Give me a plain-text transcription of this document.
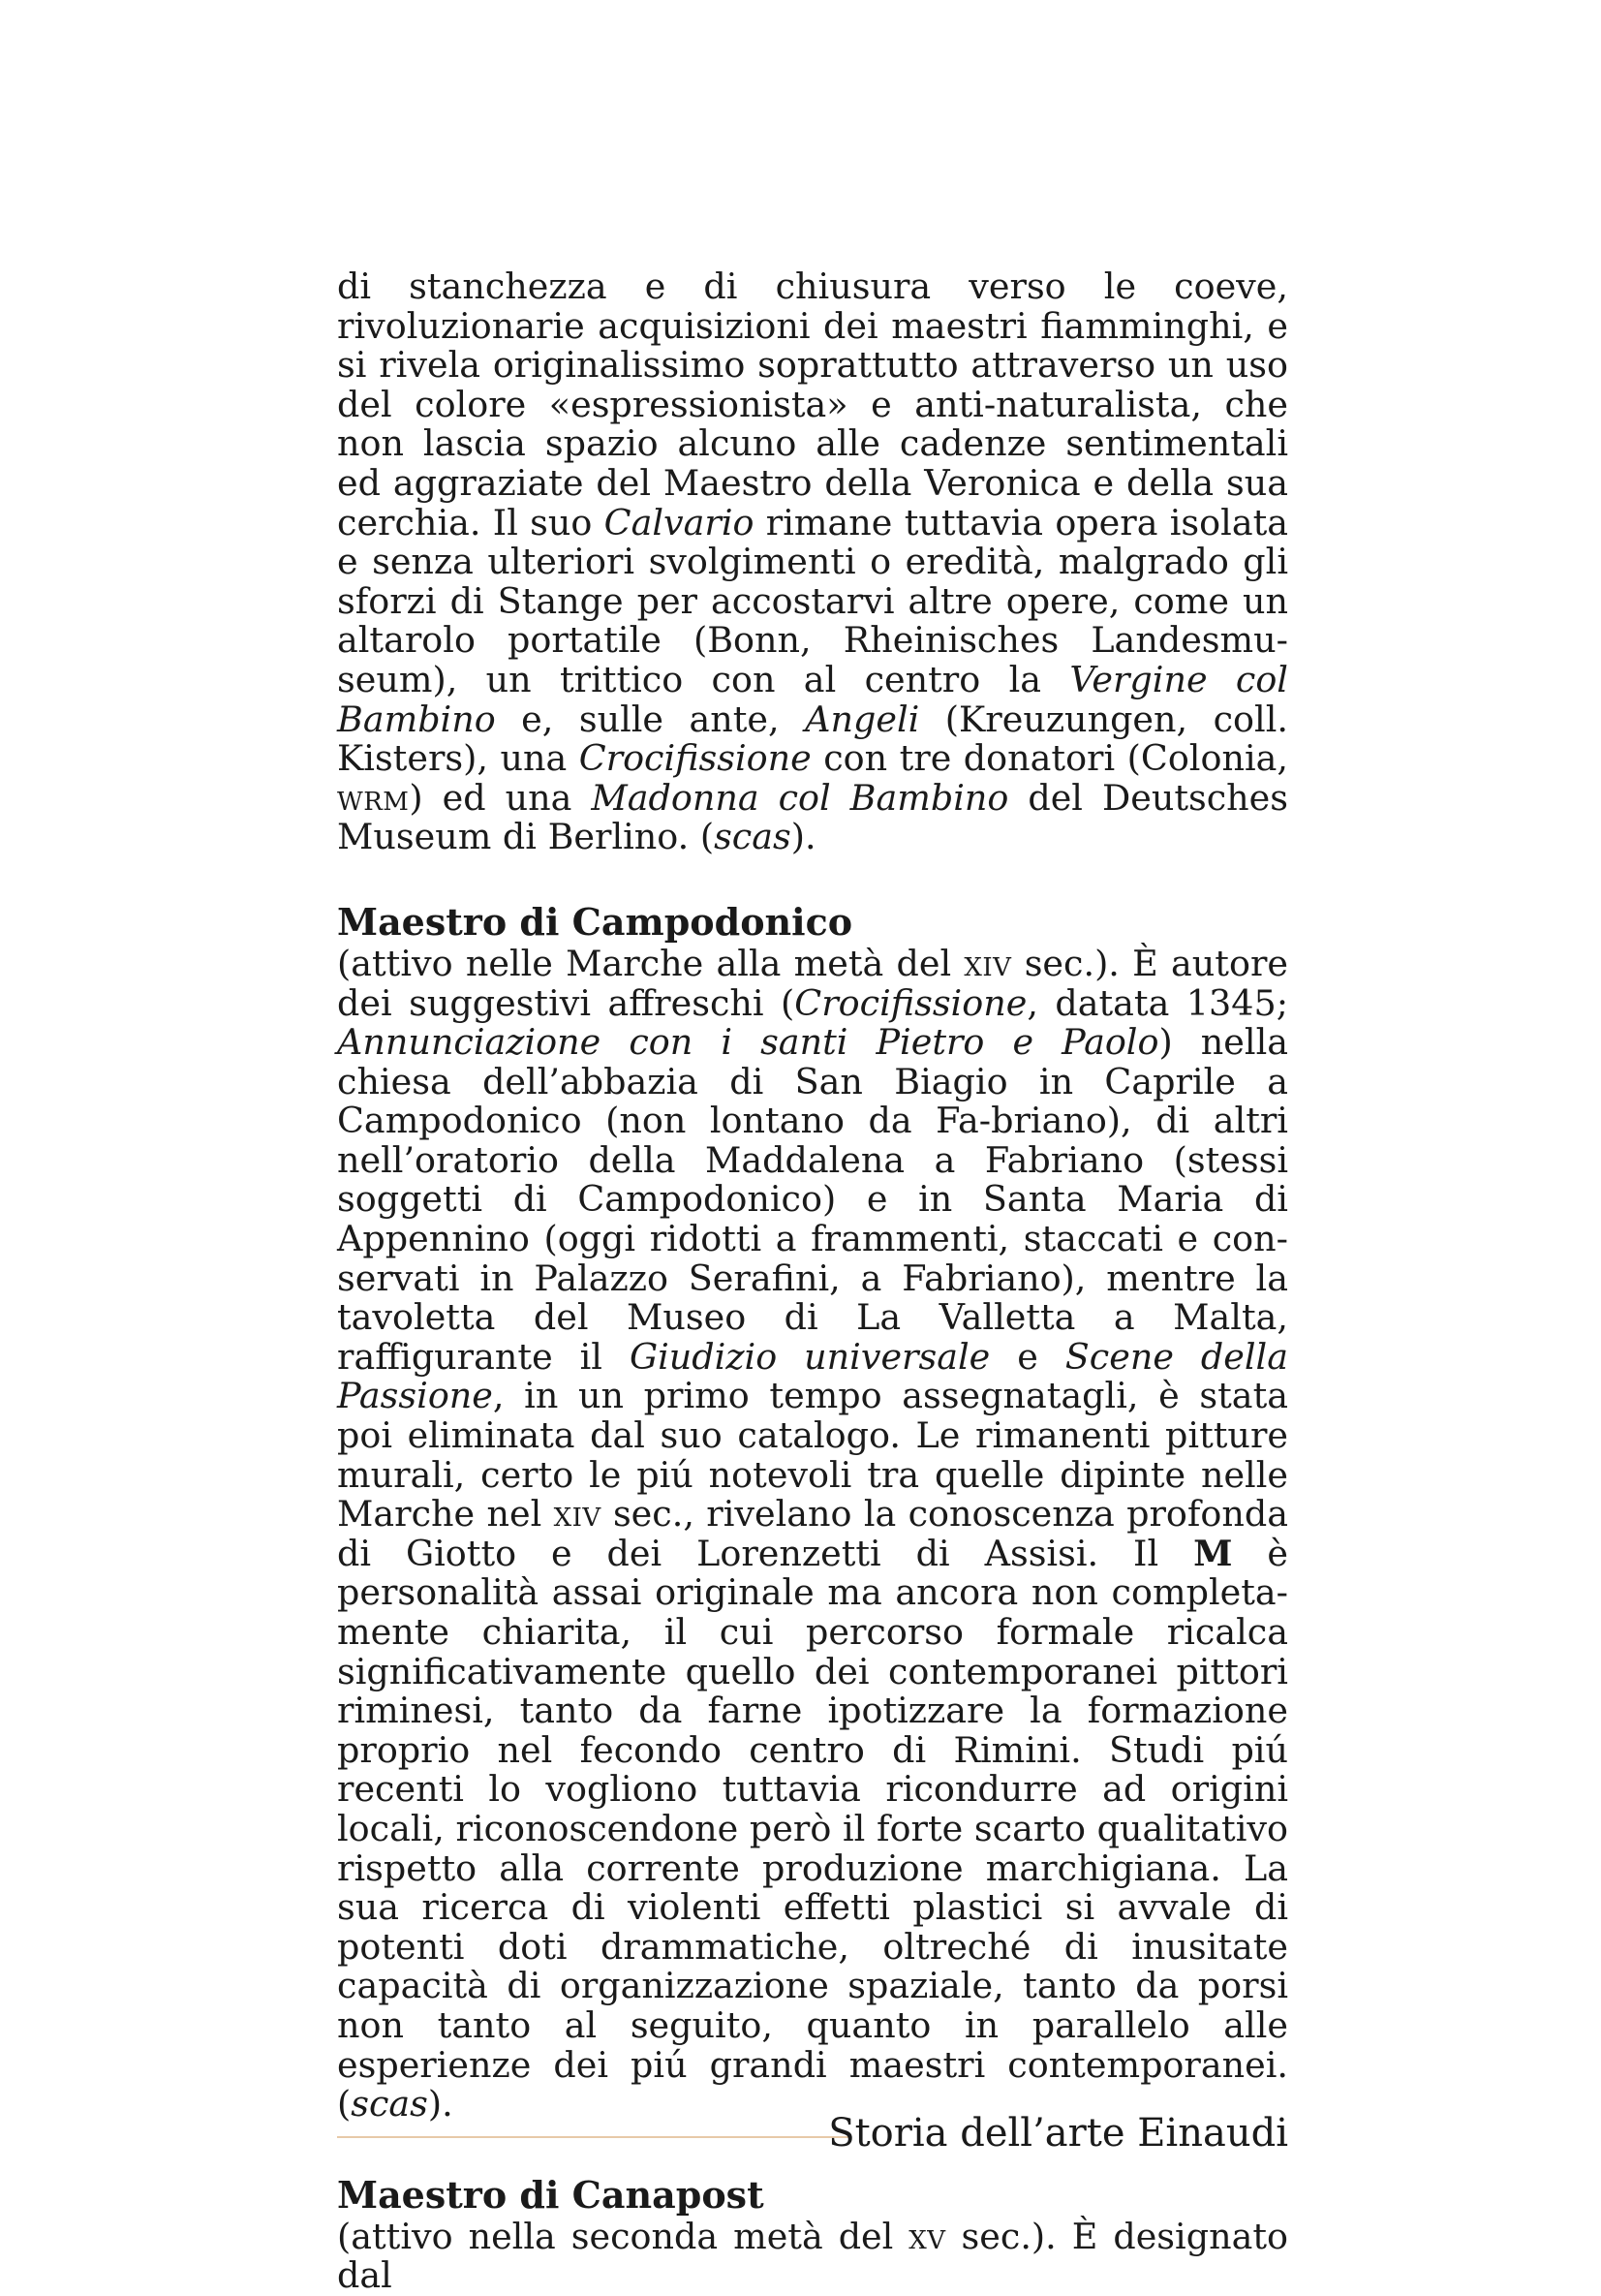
di stanchezza e di chiusura verso le coeve, rivoluzionarie acquisizioni dei maestri fiamminghi, e si rivela originalissimo soprattutto attraverso un uso del colore «espressionista» e anti-naturalista, che non lascia spazio alcuno alle cadenze sentimentali ed aggraziate del Maestro della Veronica e della sua cerchia. Il suo Calvario rimane tuttavia opera isolata e senza ulteriori svolgimenti o eredità, malgrado gli sforzi di Stange per accostarvi altre opere, come un altarolo portatile (Bonn, Rheinisches Landesmuseum), un trittico con al centro la Vergine col Bambino e, sulle ante, Angeli (Kreuzungen, coll. Kisters), una Crocifissione con tre donatori (Colonia, wrm) ed una Madonna col Bambino del Deutsches Museum di Berlino. (scas).

Maestro di Campodonico

(attivo nelle Marche alla metà del xiv sec.). È autore dei suggestivi affreschi (Crocifissione, datata 1345; Annunciazione con i santi Pietro e Paolo) nella chiesa dell’abbazia di San Biagio in Caprile a Campodonico (non lontano da Fa-briano), di altri nell’oratorio della Maddalena a Fabriano (stessi soggetti di Campodonico) e in Santa Maria di Appennino (oggi ridotti a frammenti, staccati e conservati in Palazzo Serafini, a Fabriano), mentre la tavoletta del Museo di La Valletta a Malta, raffigurante il Giudizio universale e Scene della Passione, in un primo tempo assegnatagli, è stata poi eliminata dal suo catalogo. Le rimanenti pitture murali, certo le piú notevoli tra quelle dipinte nelle Marche nel xiv sec., rivelano la conoscenza profonda di Giotto e dei Lorenzetti di Assisi. Il M è personalità assai originale ma ancora non completamente chiarita, il cui percorso formale ricalca significativamente quello dei contemporanei pittori riminesi, tanto da farne ipotizzare la formazione proprio nel fecondo centro di Rimini. Studi piú recenti lo vogliono tuttavia ricondurre ad origini locali, riconoscendone però il forte scarto qualitativo rispetto alla corrente produzione marchigiana. La sua ricerca di violenti effetti plastici si avvale di potenti doti drammatiche, oltreché di inusitate capacità di organizzazione spaziale, tanto da porsi non tanto al seguito, quanto in parallelo alle esperienze dei piú grandi maestri contemporanei. (scas).

Maestro di Canapost

(attivo nella seconda metà del xv sec.). È designato dal

Storia dell’arte Einaudi
